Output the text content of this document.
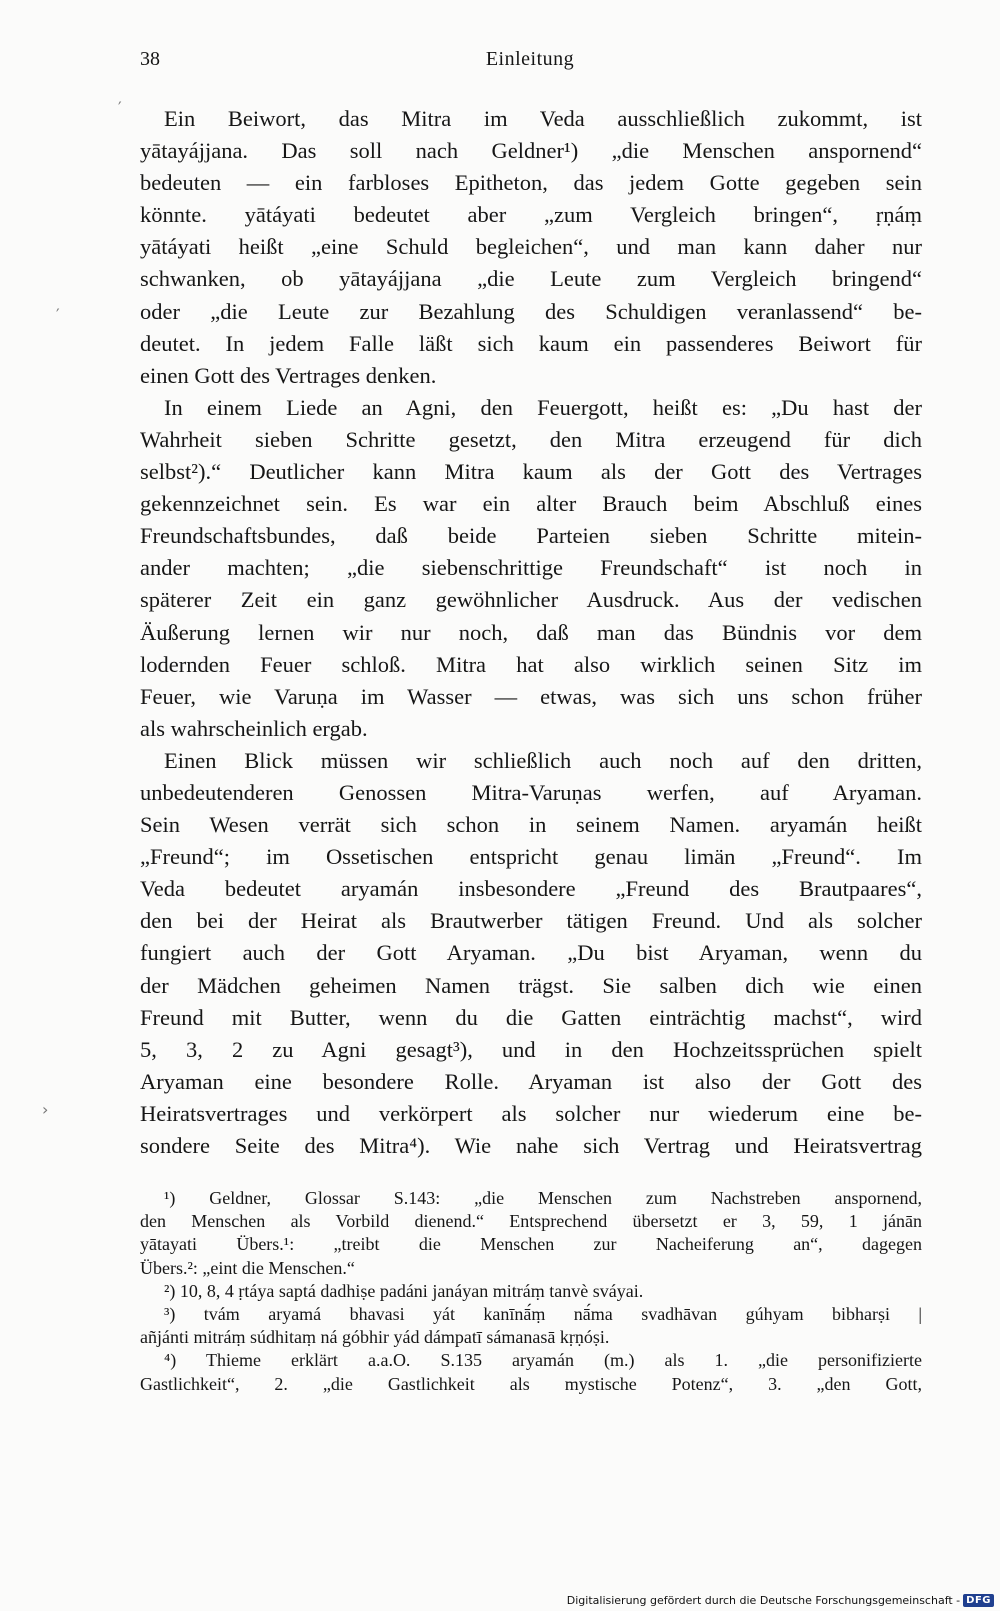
38	Einleitung
′
′
›
Ein Beiwort, das Mitra im Veda ausschließlich zukommt, ist
yātayájjana. Das soll nach Geldner¹) „die Menschen anspornend“
bedeuten — ein farbloses Epitheton, das jedem Gotte gegeben sein
könnte. yātáyati bedeutet aber „zum Vergleich bringen“, ṛṇáṃ
yātáyati heißt „eine Schuld begleichen“, und man kann daher nur
schwanken, ob yātayájjana „die Leute zum Vergleich bringend“
oder „die Leute zur Bezahlung des Schuldigen veranlassend“ be-
deutet. In jedem Falle läßt sich kaum ein passenderes Beiwort für
einen Gott des Vertrages denken.
In einem Liede an Agni, den Feuergott, heißt es: „Du hast der
Wahrheit sieben Schritte gesetzt, den Mitra erzeugend für dich
selbst²).“ Deutlicher kann Mitra kaum als der Gott des Vertrages
gekennzeichnet sein. Es war ein alter Brauch beim Abschluß eines
Freundschaftsbundes, daß beide Parteien sieben Schritte mitein-
ander machten; „die siebenschrittige Freundschaft“ ist noch in
späterer Zeit ein ganz gewöhnlicher Ausdruck. Aus der vedischen
Äußerung lernen wir nur noch, daß man das Bündnis vor dem
lodernden Feuer schloß. Mitra hat also wirklich seinen Sitz im
Feuer, wie Varuṇa im Wasser — etwas, was sich uns schon früher
als wahrscheinlich ergab.
Einen Blick müssen wir schließlich auch noch auf den dritten,
unbedeutenderen Genossen Mitra-Varuṇas werfen, auf Aryaman.
Sein Wesen verrät sich schon in seinem Namen. aryamán heißt
„Freund“; im Ossetischen entspricht genau limän „Freund“. Im
Veda bedeutet aryamán insbesondere „Freund des Brautpaares“,
den bei der Heirat als Brautwerber tätigen Freund. Und als solcher
fungiert auch der Gott Aryaman. „Du bist Aryaman, wenn du
der Mädchen geheimen Namen trägst. Sie salben dich wie einen
Freund mit Butter, wenn du die Gatten einträchtig machst“, wird
5, 3, 2 zu Agni gesagt³), und in den Hochzeitssprüchen spielt
Aryaman eine besondere Rolle. Aryaman ist also der Gott des
Heiratsvertrages und verkörpert als solcher nur wiederum eine be-
sondere Seite des Mitra⁴). Wie nahe sich Vertrag und Heiratsvertrag
¹) Geldner, Glossar S.143: „die Menschen zum Nachstreben anspornend,
den Menschen als Vorbild dienend.“ Entsprechend übersetzt er 3, 59, 1 jánān
yātayati Übers.¹: „treibt die Menschen zur Nacheiferung an“, dagegen
Übers.²: „eint die Menschen.“
²) 10, 8, 4 ṛtáya saptá dadhiṣe padáni janáyan mitráṃ tanvè sváyai.
³) tvám aryamá bhavasi yát kanīnā́ṃ nā́ma svadhāvan gúhyam bibharṣi |
añjánti mitráṃ súdhitaṃ ná góbhir yád dámpatī sámanasā kṛṇóṣi.
⁴) Thieme erklärt a.a.O. S.135 aryamán (m.) als 1. „die personifizierte
Gastlichkeit“, 2. „die Gastlichkeit als mystische Potenz“, 3. „den Gott,
Digitalisierung gefördert durch die Deutsche Forschungsgemeinschaft - DFG
